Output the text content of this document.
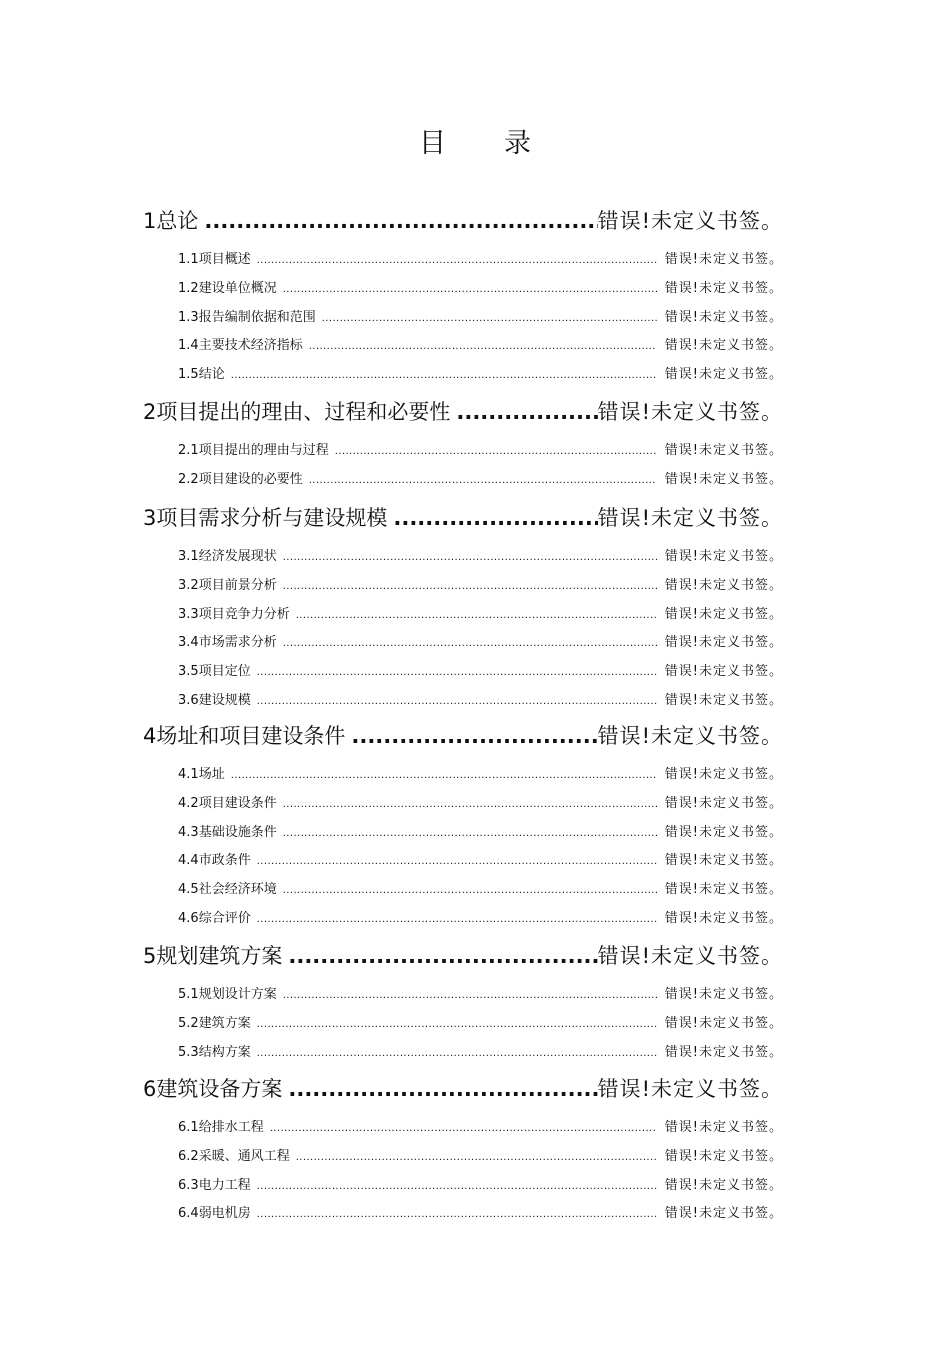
目录
1 总论 .....	错误!未定义书签。
1.1 项目概述 .....	错误!未定义书签。
1.2 建设单位概况 .....	错误!未定义书签。
1.3 报告编制依据和范围 .....	错误!未定义书签。
1.4 主要技术经济指标 .....	错误!未定义书签。
1.5 结论 .....	错误!未定义书签。
2 项目提出的理由、过程和必要性 .....	错误!未定义书签。
2.1 项目提出的理由与过程 .....	错误!未定义书签。
2.2 项目建设的必要性 .....	错误!未定义书签。
3 项目需求分析与建设规模 .....	错误!未定义书签。
3.1 经济发展现状 .....	错误!未定义书签。
3.2 项目前景分析 .....	错误!未定义书签。
3.3 项目竞争力分析 .....	错误!未定义书签。
3.4 市场需求分析 .....	错误!未定义书签。
3.5 项目定位 .....	错误!未定义书签。
3.6 建设规模 .....	错误!未定义书签。
4 场址和项目建设条件 .....	错误!未定义书签。
4.1 场址 .....	错误!未定义书签。
4.2 项目建设条件 .....	错误!未定义书签。
4.3 基础设施条件 .....	错误!未定义书签。
4.4 市政条件 .....	错误!未定义书签。
4.5 社会经济环境 .....	错误!未定义书签。
4.6 综合评价 .....	错误!未定义书签。
5 规划建筑方案 .....	错误!未定义书签。
5.1 规划设计方案 .....	错误!未定义书签。
5.2 建筑方案 .....	错误!未定义书签。
5.3 结构方案 .....	错误!未定义书签。
6 建筑设备方案 .....	错误!未定义书签。
6.1 给排水工程 .....	错误!未定义书签。
6.2 采暖、通风工程 .....	错误!未定义书签。
6.3 电力工程 .....	错误!未定义书签。
6.4 弱电机房 .....	错误!未定义书签。
